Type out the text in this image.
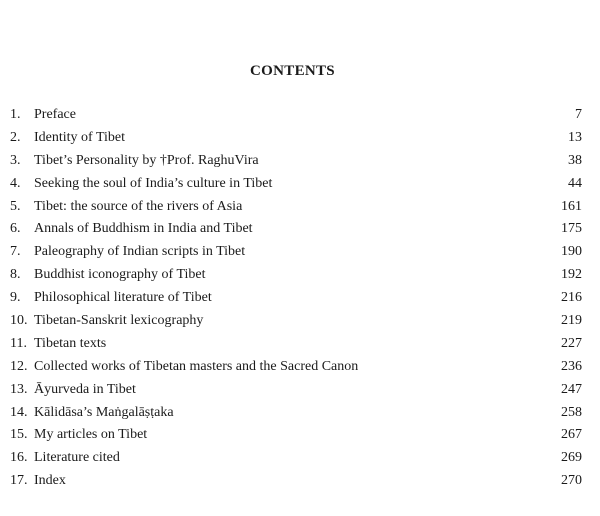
CONTENTS
1. Preface	7
2. Identity of Tibet	13
3. Tibet’s Personality by †Prof. RaghuVira	38
4. Seeking the soul of India’s culture in Tibet	44
5. Tibet: the source of the rivers of Asia	161
6. Annals of Buddhism in India and Tibet	175
7. Paleography of Indian scripts in Tibet	190
8. Buddhist iconography of Tibet	192
9. Philosophical literature of Tibet	216
10. Tibetan-Sanskrit lexicography	219
11. Tibetan texts	227
12. Collected works of Tibetan masters and the Sacred Canon	236
13. Āyurveda in Tibet	247
14. Kālidāsa’s Maṅgalāṣṭaka	258
15. My articles on Tibet	267
16. Literature cited	269
17. Index	270
